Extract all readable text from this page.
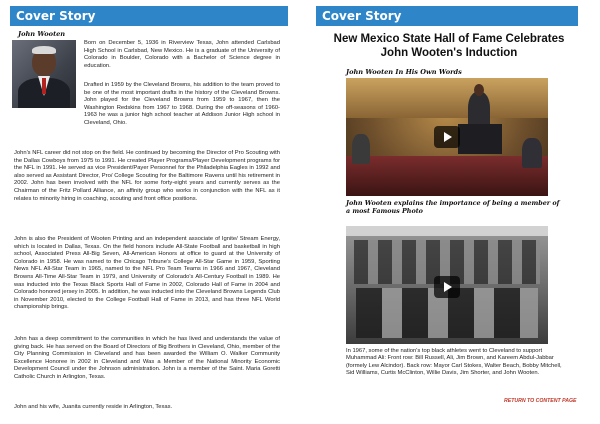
Cover Story
John Wooten

Born on December 5, 1936 in Riverview Texas, John attended Carlsbad High School in Carlsbad, New Mexico. He is a graduate of the University of Colorado in Boulder, Colorado with a Bachelor of Science degree in education.

Drafted in 1959 by the Cleveland Browns, his addition to the team proved to be one of the most important drafts in the history of the Cleveland Browns. John played for the Cleveland Browns from 1959 to 1967, then the Washington Redskins from 1967 to 1968. During the off-seasons of 1960-1963 he was a junior high school teacher at Addison Junior High school in Cleveland, Ohio.

John's NFL career did not stop on the field. He continued by becoming the Director of Pro Scouting with the Dallas Cowboys from 1975 to 1991. He created Player Programs/Player Development programs for the NFL in 1991. He served as vice President/Payer Personnel for the Philadelphia Eagles in 1992 and also served as Assistant Director, Pro/ College Scouting for the Baltimore Ravens until his retirement in 2002. John has been involved with the NFL for some forty-eight years and currently serves as the Chairman of the Fritz Pollard Alliance, an affinity group who works in conjunction with the NFL as it relates to minority hiring in coaching, scouting and front office positions.

John is also the President of Wooten Printing and an independent associate of Ignite/ Stream Energy, which is located in Dallas, Texas. On the field honors include All-State Football and basketball in high school, Associated Press All-Big Seven, All-American Honors at office to guard at the University of Colorado in 1958. He was named to the Chicago Tribune's College All-Star Game in 1959, Sporting News NFL All-Star Team in 1965, named to the NFL Pro Team Teams in 1966 and 1967, Cleveland Browns All-Time All-Star Team in 1979, and University of Colorado's All-Century Football in 1989. He was inducted into the Texas Black Sports Hall of Fame in 2002, Colorado Hall of Fame in 2004 and Colorado honored jersey in 2005. In addition, he was inducted into the Cleveland Browns Legends Club in November 2010, elected to the College Football Hall of Fame in 2013, and has three NFL World championship brings.

John has a deep commitment to the communities in which he has lived and understands the value of giving back. He has served on the Board of Directors of Big Brothers in Cleveland, Ohio, member of the City Planning Commission in Cleveland and has been awarded the William O. Walker Community Excellence Honoree in 2002 in Cleveland and Was a Member of the National Minority Economic Development Council under the Johnson administration. John is a member of the Saint. Maria Goretti Catholic Church in Arlington, Texas.

John and his wife, Juanita currently reside in Arlington, Texas.

Cover Story
New Mexico State Hall of Fame Celebrates John Wooten's Induction
John Wooten In His Own Words
John Wooten explains the importance of being a member of a most Famous Photo

In 1967, some of the nation's top black athletes went to Cleveland to support Muhammad Ali: Front row: Bill Russell, Ali, Jim Brown, and Kareem Abdul-Jabbar (formely Lew Alcindor). Back row: Mayor Carl Stokes, Walter Beach, Bobby Mitchell, Sid Williams, Curtis McClinton, Willie Davis, Jim Shorter, and John Wooten.

RETURN TO CONTENT PAGE
